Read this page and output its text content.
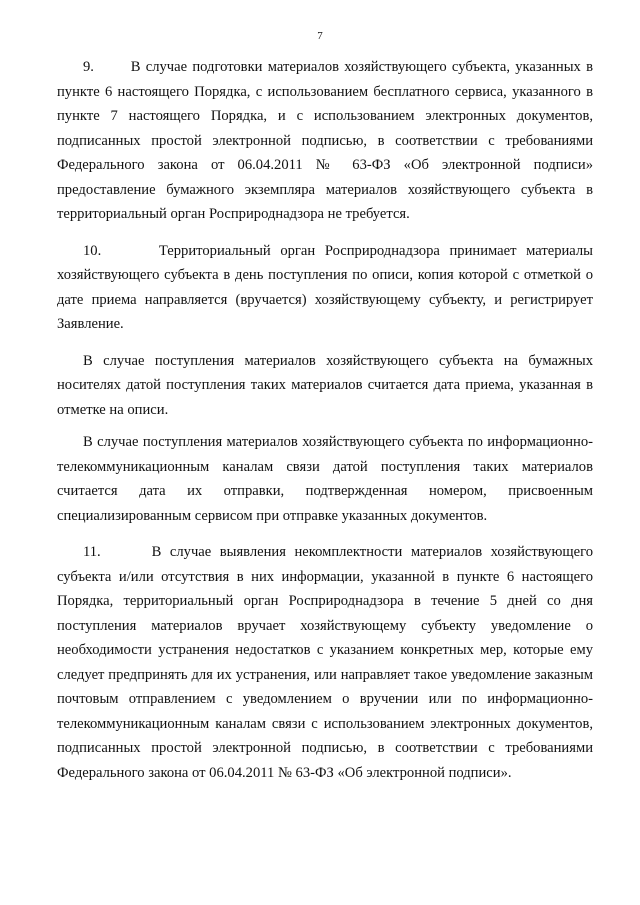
7

9.       В случае подготовки материалов хозяйствующего субъекта, указанных в пункте 6 настоящего Порядка, с использованием бесплатного сервиса, указанного в пункте 7 настоящего Порядка, и с использованием электронных документов, подписанных простой электронной подписью, в соответствии с требованиями Федерального закона от 06.04.2011 № 63-ФЗ «Об электронной подписи» предоставление бумажного экземпляра материалов хозяйствующего субъекта в территориальный орган Росприроднадзора не требуется.

10.      Территориальный орган Росприроднадзора принимает материалы хозяйствующего субъекта в день поступления по описи, копия которой с отметкой о дате приема направляется (вручается) хозяйствующему субъекту, и регистрирует Заявление.

В случае поступления материалов хозяйствующего субъекта на бумажных носителях датой поступления таких материалов считается дата приема, указанная в отметке на описи.

В случае поступления материалов хозяйствующего субъекта по информационно-телекоммуникационным каналам связи датой поступления таких материалов считается дата их отправки, подтвержденная номером, присвоенным специализированным сервисом при отправке указанных документов.

11.      В случае выявления некомплектности материалов хозяйствующего субъекта и/или отсутствия в них информации, указанной в пункте 6 настоящего Порядка, территориальный орган Росприроднадзора в течение 5 дней со дня поступления материалов вручает хозяйствующему субъекту уведомление о необходимости устранения недостатков с указанием конкретных мер, которые ему следует предпринять для их устранения, или направляет такое уведомление заказным почтовым отправлением с уведомлением о вручении или по информационно-телекоммуникационным каналам связи с использованием электронных документов, подписанных простой электронной подписью, в соответствии с требованиями Федерального закона от 06.04.2011 № 63-ФЗ «Об электронной подписи».
